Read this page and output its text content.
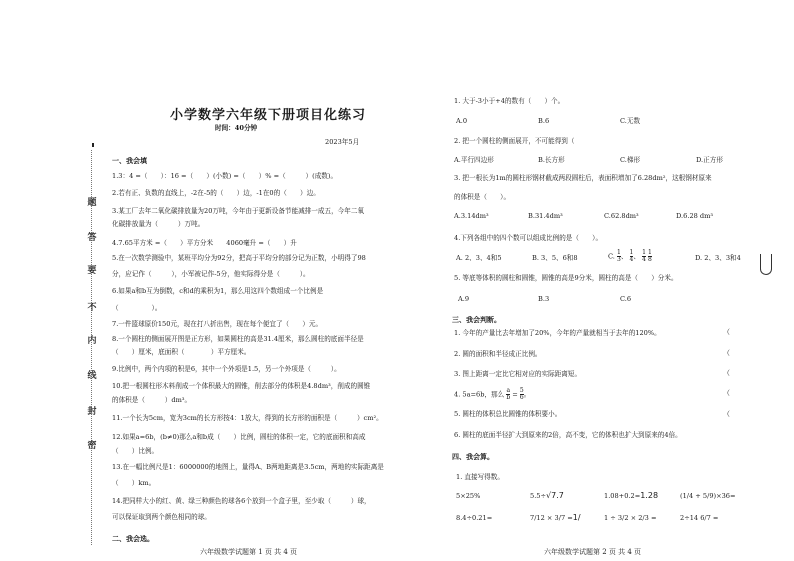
小学数学六年级下册项目化练习
时间：40分钟
2023年5月
题
答
要
不
内
线
封
密
一、我会填
1.3：4 =（　　）：16 =（　　）(小数) =（　　）% =（　　　）(成数)。
2.若有正、负数的直线上，-2在-5的（　　）边，-1在0的（　　）边。
3.某工厂去年二氧化碳排放量为20万吨，今年由于更新设备节能减排一成五，今年二氧
化碳排放量为（　　　）万吨。
4.7.65平方米 =（　　）平方分米　　4060毫升 =（　　）升
5.在一次数学测验中，某班平均分为92分，把高于平均分的部分记为正数，小明得了98
分，应记作（　　　），小军被记作-5分，他实际得分是（　　　）。
6.如果a和b互为倒数，c和d的乘积为1，那么用这四个数组成一个比例是
（　　　　　）。
7.一件篮球原价150元，现在打八折出售，现在每个便宜了（　　）元。
8.一个圆柱的侧面展开图是正方形，如果圆柱的高是31.4厘米，那么圆柱的底面半径是
（　　）厘米，底面积（　　　　）平方厘米。
9.比例中，两个内项的积是6，其中一个外项是1.5，另一个外项是（　　　）。
10.把一根圆柱形木料削成一个体积最大的圆锥，削去部分的体积是4.8dm³，削成的圆锥
的体积是（　　　）dm³。
11.一个长为5cm，宽为3cm的长方形按4：1放大，得到的长方形的面积是（　　　）cm²。
12.如果a=6b，(b≠0)那么a和b成（　　）比例，圆柱的体积一定，它的底面积和高成
（　　）比例。
13.在一幅比例尺是1：6000000的地图上，量得A、B两地距离是3.5cm，两地的实际距离是
（　　）km。
14.把同样大小的红、黄、绿三种颜色的球各6个放到一个盒子里，至少取（　　　）球，
可以保证取到两个颜色相同的球。
二、我会选。
六年级数学试题第 1 页 共 4 页
1. 大于-3小于+4的数有（　　）个。
A.0	B.6	C.无数
2. 把一个圆柱的侧面展开，不可能得到（
A.平行四边形	B.长方形	C.梯形	D.正方形
3. 把一根长为1m的圆柱形钢材截成两段圆柱后，表面积增加了6.28dm²，这根钢材原来
的体积是（　　）。
A.3.14dm³	B.31.4dm³	C.62.8dm³	D.6.28 dm³
4.下列各组中的四个数可以组成比例的是（　　）。
A. 2、3、4和5	B. 3、5、6和8	C. $\frac{1}{3}$ 、 $\frac{1}{4}$ 、 $\frac{1}{4}$
$\frac{1}{8}$	D. 2、3、3和4
5. 等底等体积的圆柱和圆锥，圆锥的高是9分米，圆柱的高是（　　）分米。
A.9	B.3	C.6
三、我会判断。
1. 今年的产量比去年增加了20%，今年的产量就相当于去年的120%。
2. 圆的面积和半径成正比例。
3. 图上距离一定比它相对应的实际距离短。
4. 5a=6b，那么 $\frac{a}{b} = \frac{5}{6}$ 。
5. 圆柱的体积总比圆锥的体积要小。
6. 圆柱的底面半径扩大到原来的2倍，高不变，它的体积也扩大到原来的4倍。
（
（
（
（
（
四、我会算。
1. 直接写得数。
5×25%	5.5÷√7.7	1.08+0.2=1.28	(1/4 + 5/9)×36=
8.4÷0.21=	7/12 × 3/7 =1/	1 ÷ 3/2 × 2/3 =	2÷14 6/7 =
六年级数学试题第 2 页 共 4 页
